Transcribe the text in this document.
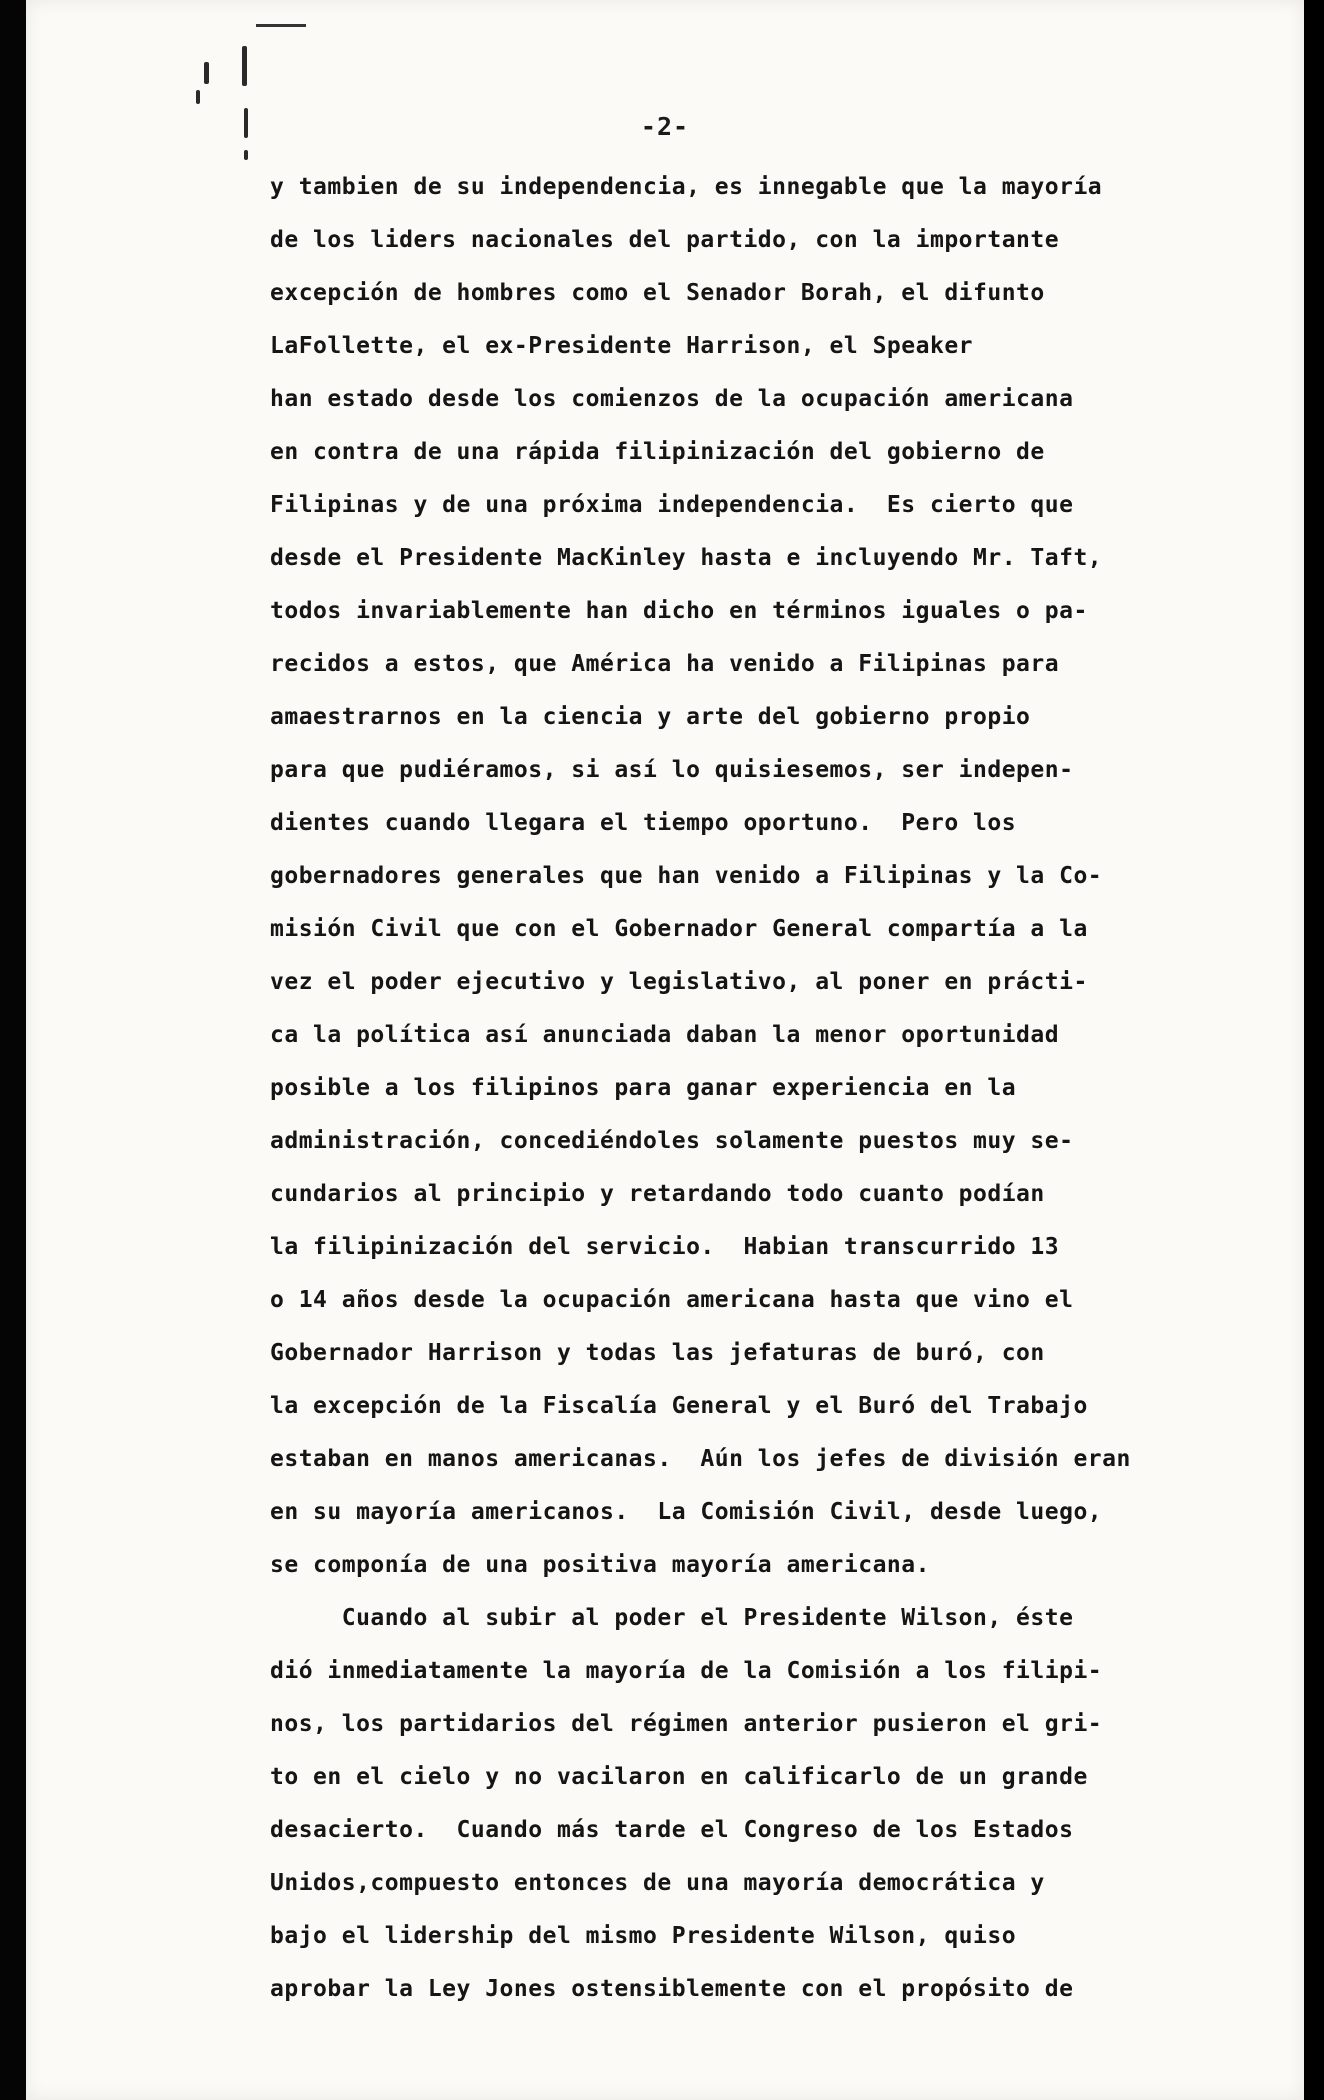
-2-
y tambien de su independencia, es innegable que la mayoría
de los liders nacionales del partido, con la importante
excepción de hombres como el Senador Borah, el difunto
LaFollette, el ex-Presidente Harrison, el Speaker
han estado desde los comienzos de la ocupación americana
en contra de una rápida filipinización del gobierno de
Filipinas y de una próxima independencia.  Es cierto que
desde el Presidente MacKinley hasta e incluyendo Mr. Taft,
todos invariablemente han dicho en términos iguales o pa-
recidos a estos, que América ha venido a Filipinas para
amaestrarnos en la ciencia y arte del gobierno propio
para que pudiéramos, si así lo quisiesemos, ser indepen-
dientes cuando llegara el tiempo oportuno.  Pero los
gobernadores generales que han venido a Filipinas y la Co-
misión Civil que con el Gobernador General compartía a la
vez el poder ejecutivo y legislativo, al poner en prácti-
ca la política así anunciada daban la menor oportunidad
posible a los filipinos para ganar experiencia en la
administración, concediéndoles solamente puestos muy se-
cundarios al principio y retardando todo cuanto podían
la filipinización del servicio.  Habian transcurrido 13
o 14 años desde la ocupación americana hasta que vino el
Gobernador Harrison y todas las jefaturas de buró, con
la excepción de la Fiscalía General y el Buró del Trabajo
estaban en manos americanas.  Aún los jefes de división eran
en su mayoría americanos.  La Comisión Civil, desde luego,
se componía de una positiva mayoría americana.
Cuando al subir al poder el Presidente Wilson, éste
dió inmediatamente la mayoría de la Comisión a los filipi-
nos, los partidarios del régimen anterior pusieron el gri-
to en el cielo y no vacilaron en calificarlo de un grande
desacierto.  Cuando más tarde el Congreso de los Estados
Unidos,compuesto entonces de una mayoría democrática y
bajo el lidership del mismo Presidente Wilson, quiso
aprobar la Ley Jones ostensiblemente con el propósito de
